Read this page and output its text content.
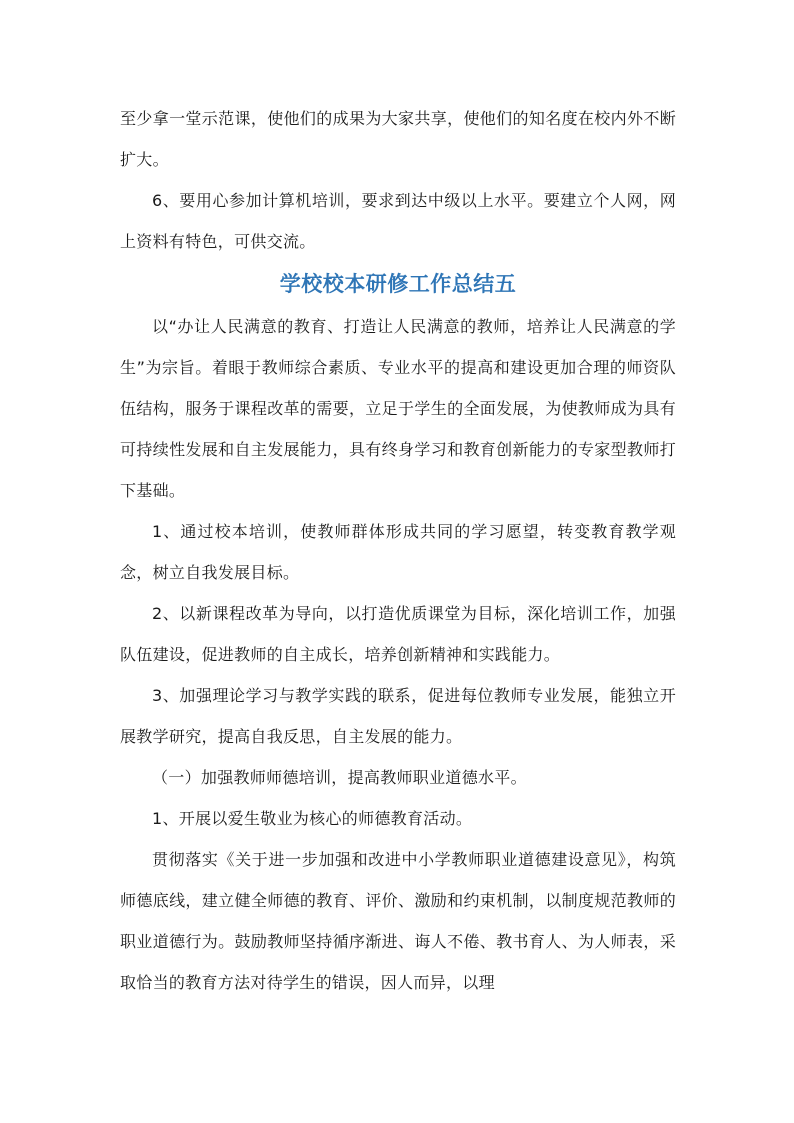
至少拿一堂示范课，使他们的成果为大家共享，使他们的知名度在校内外不断扩大。

6、要用心参加计算机培训，要求到达中级以上水平。要建立个人网，网上资料有特色，可供交流。

学校校本研修工作总结五

以“办让人民满意的教育、打造让人民满意的教师，培养让人民满意的学生”为宗旨。着眼于教师综合素质、专业水平的提高和建设更加合理的师资队伍结构，服务于课程改革的需要，立足于学生的全面发展，为使教师成为具有可持续性发展和自主发展能力，具有终身学习和教育创新能力的专家型教师打下基础。

1、通过校本培训，使教师群体形成共同的学习愿望，转变教育教学观念，树立自我发展目标。

2、以新课程改革为导向，以打造优质课堂为目标，深化培训工作，加强队伍建设，促进教师的自主成长，培养创新精神和实践能力。

3、加强理论学习与教学实践的联系，促进每位教师专业发展，能独立开展教学研究，提高自我反思，自主发展的能力。

（一）加强教师师德培训，提高教师职业道德水平。

1、开展以爱生敬业为核心的师德教育活动。

贯彻落实《关于进一步加强和改进中小学教师职业道德建设意见》，构筑师德底线，建立健全师德的教育、评价、激励和约束机制，以制度规范教师的职业道德行为。鼓励教师坚持循序渐进、诲人不倦、教书育人、为人师表，采取恰当的教育方法对待学生的错误，因人而异，以理
